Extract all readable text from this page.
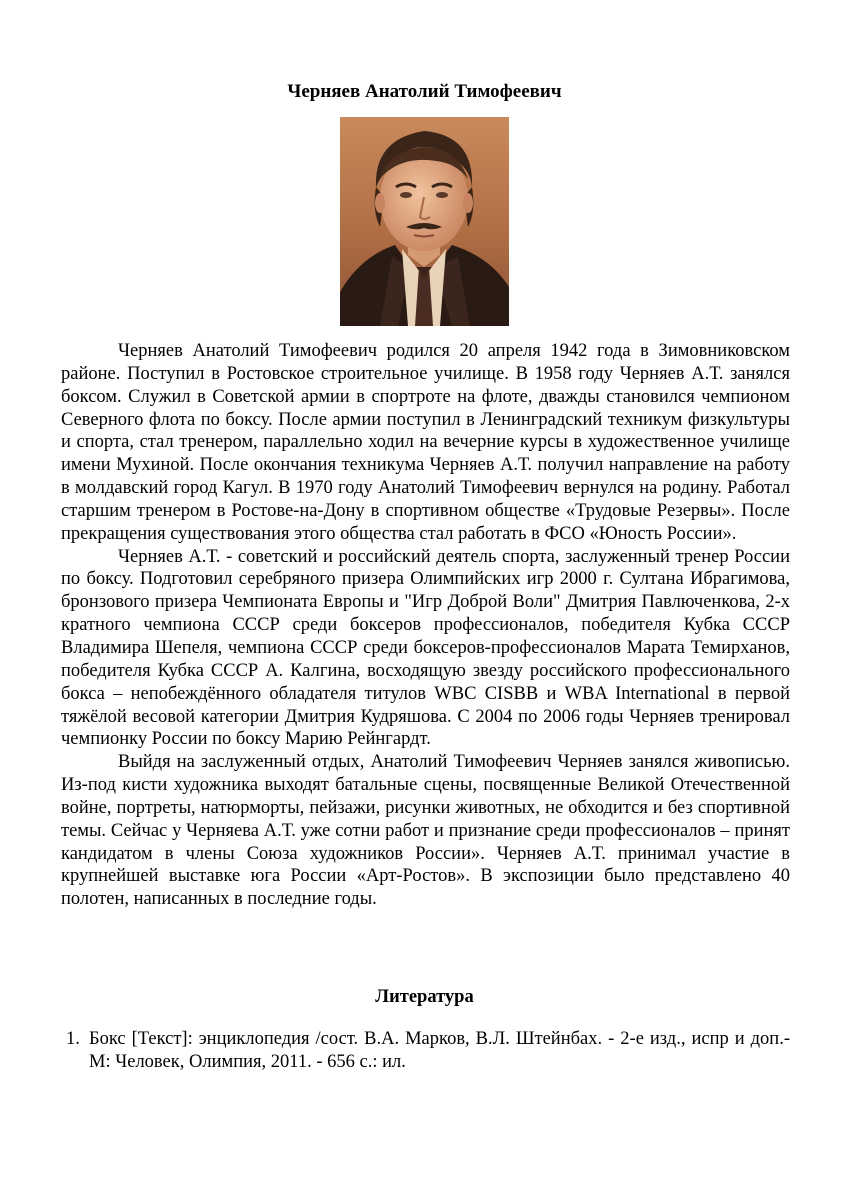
Черняев Анатолий Тимофеевич

Черняев Анатолий Тимофеевич родился 20 апреля 1942 года в Зимовниковском районе. Поступил в Ростовское строительное училище. В 1958 году Черняев А.Т. занялся боксом. Служил в Советской армии в спортроте на флоте, дважды становился чемпионом Северного флота по боксу. После армии поступил в Ленинградский техникум физкультуры и спорта, стал тренером, параллельно ходил на вечерние курсы в художественное училище имени Мухиной. После окончания техникума Черняев А.Т. получил направление на работу в молдавский город Кагул. В 1970 году Анатолий Тимофеевич вернулся на родину. Работал старшим тренером в Ростове-на-Дону в спортивном обществе «Трудовые Резервы». После прекращения существования этого общества стал работать в ФСО «Юность России».

Черняев А.Т. - советский и российский деятель спорта, заслуженный тренер России по боксу. Подготовил серебряного призера Олимпийских игр 2000 г. Султана Ибрагимова, бронзового призера Чемпионата Европы и "Игр Доброй Воли" Дмитрия Павлюченкова, 2-х кратного чемпиона СССР среди боксеров профессионалов, победителя Кубка СССР Владимира Шепеля, чемпиона СССР среди боксеров-профессионалов Марата Темирханов, победителя Кубка СССР А. Калгина, восходящую звезду российского профессионального бокса – непобеждённого обладателя титулов WBC CISBB и WBA International в первой тяжёлой весовой категории Дмитрия Кудряшова. С 2004 по 2006 годы Черняев тренировал чемпионку России по боксу Марию Рейнгардт.

Выйдя на заслуженный отдых, Анатолий Тимофеевич Черняев занялся живописью. Из-под кисти художника выходят батальные сцены, посвященные Великой Отечественной войне, портреты, натюрморты, пейзажи, рисунки животных, не обходится и без спортивной темы. Сейчас у Черняева А.Т. уже сотни работ и признание среди профессионалов – принят кандидатом в члены Союза художников России». Черняев А.Т. принимал участие в крупнейшей выставке юга России «Арт-Ростов». В экспозиции было представлено 40 полотен, написанных в последние годы.

Литература
1. Бокс [Текст]: энциклопедия /сост. В.А. Марков, В.Л. Штейнбах. - 2-е изд., испр и доп.-М: Человек, Олимпия, 2011. - 656 с.: ил.
